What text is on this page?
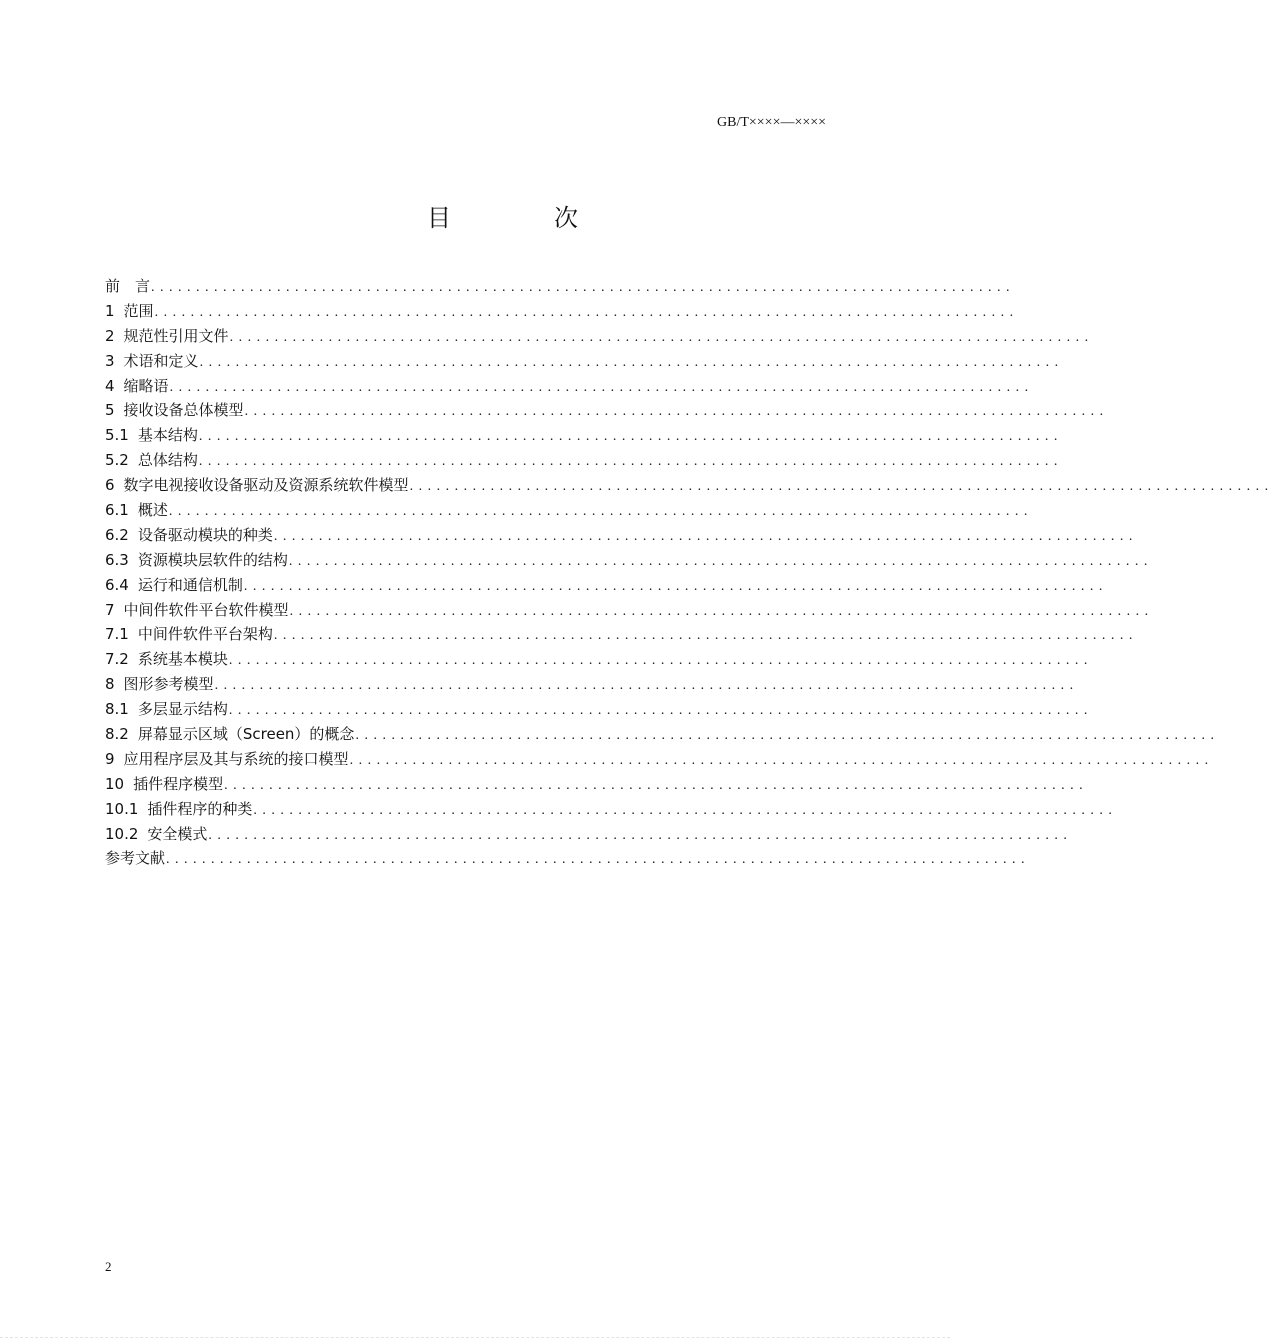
GB/T××××—××××
目	次
前　言 . . . . . . . . . . . . . . . . . . . . . . . . . . . . . . . . . . . . . . . . . . . . . . . . . . . . . . . . . . . . . . . . . . . . . . . . . . . . . . . . . . . . . . . . . . . . . . . .
1 范围 . . . . . . . . . . . . . . . . . . . . . . . . . . . . . . . . . . . . . . . . . . . . . . . . . . . . . . . . . . . . . . . . . . . . . . . . . . . . . . . . . . . . . . . . . . . . . . . .
2 规范性引用文件 . . . . . . . . . . . . . . . . . . . . . . . . . . . . . . . . . . . . . . . . . . . . . . . . . . . . . . . . . . . . . . . . . . . . . . . . . . . . . . . . . . . . . . . . . . . . . . . .
3 术语和定义 . . . . . . . . . . . . . . . . . . . . . . . . . . . . . . . . . . . . . . . . . . . . . . . . . . . . . . . . . . . . . . . . . . . . . . . . . . . . . . . . . . . . . . . . . . . . . . . .
4 缩略语 . . . . . . . . . . . . . . . . . . . . . . . . . . . . . . . . . . . . . . . . . . . . . . . . . . . . . . . . . . . . . . . . . . . . . . . . . . . . . . . . . . . . . . . . . . . . . . . .
5 接收设备总体模型 . . . . . . . . . . . . . . . . . . . . . . . . . . . . . . . . . . . . . . . . . . . . . . . . . . . . . . . . . . . . . . . . . . . . . . . . . . . . . . . . . . . . . . . . . . . . . . . .
5.1 基本结构 . . . . . . . . . . . . . . . . . . . . . . . . . . . . . . . . . . . . . . . . . . . . . . . . . . . . . . . . . . . . . . . . . . . . . . . . . . . . . . . . . . . . . . . . . . . . . . . .
5.2 总体结构 . . . . . . . . . . . . . . . . . . . . . . . . . . . . . . . . . . . . . . . . . . . . . . . . . . . . . . . . . . . . . . . . . . . . . . . . . . . . . . . . . . . . . . . . . . . . . . . .
6 数字电视接收设备驱动及资源系统软件模型 . . . . . . . . . . . . . . . . . . . . . . . . . . . . . . . . . . . . . . . . . . . . . . . . . . . . . . . . . . . . . . . . . . . . . . . . . . . . . . . . . . . . . . . . . . . . . . . .
6.1 概述 . . . . . . . . . . . . . . . . . . . . . . . . . . . . . . . . . . . . . . . . . . . . . . . . . . . . . . . . . . . . . . . . . . . . . . . . . . . . . . . . . . . . . . . . . . . . . . . .
6.2 设备驱动模块的种类 . . . . . . . . . . . . . . . . . . . . . . . . . . . . . . . . . . . . . . . . . . . . . . . . . . . . . . . . . . . . . . . . . . . . . . . . . . . . . . . . . . . . . . . . . . . . . . . .
6.3 资源模块层软件的结构 . . . . . . . . . . . . . . . . . . . . . . . . . . . . . . . . . . . . . . . . . . . . . . . . . . . . . . . . . . . . . . . . . . . . . . . . . . . . . . . . . . . . . . . . . . . . . . . .
6.4 运行和通信机制 . . . . . . . . . . . . . . . . . . . . . . . . . . . . . . . . . . . . . . . . . . . . . . . . . . . . . . . . . . . . . . . . . . . . . . . . . . . . . . . . . . . . . . . . . . . . . . . .
7 中间件软件平台软件模型 . . . . . . . . . . . . . . . . . . . . . . . . . . . . . . . . . . . . . . . . . . . . . . . . . . . . . . . . . . . . . . . . . . . . . . . . . . . . . . . . . . . . . . . . . . . . . . . .
7.1 中间件软件平台架构 . . . . . . . . . . . . . . . . . . . . . . . . . . . . . . . . . . . . . . . . . . . . . . . . . . . . . . . . . . . . . . . . . . . . . . . . . . . . . . . . . . . . . . . . . . . . . . . .
7.2 系统基本模块 . . . . . . . . . . . . . . . . . . . . . . . . . . . . . . . . . . . . . . . . . . . . . . . . . . . . . . . . . . . . . . . . . . . . . . . . . . . . . . . . . . . . . . . . . . . . . . . .
8 图形参考模型 . . . . . . . . . . . . . . . . . . . . . . . . . . . . . . . . . . . . . . . . . . . . . . . . . . . . . . . . . . . . . . . . . . . . . . . . . . . . . . . . . . . . . . . . . . . . . . . .
8.1 多层显示结构 . . . . . . . . . . . . . . . . . . . . . . . . . . . . . . . . . . . . . . . . . . . . . . . . . . . . . . . . . . . . . . . . . . . . . . . . . . . . . . . . . . . . . . . . . . . . . . . .
8.2 屏幕显示区域（Screen）的概念 . . . . . . . . . . . . . . . . . . . . . . . . . . . . . . . . . . . . . . . . . . . . . . . . . . . . . . . . . . . . . . . . . . . . . . . . . . . . . . . . . . . . . . . . . . . . . . . .
9 应用程序层及其与系统的接口模型 . . . . . . . . . . . . . . . . . . . . . . . . . . . . . . . . . . . . . . . . . . . . . . . . . . . . . . . . . . . . . . . . . . . . . . . . . . . . . . . . . . . . . . . . . . . . . . . .
10 插件程序模型 . . . . . . . . . . . . . . . . . . . . . . . . . . . . . . . . . . . . . . . . . . . . . . . . . . . . . . . . . . . . . . . . . . . . . . . . . . . . . . . . . . . . . . . . . . . . . . . .
10.1 插件程序的种类 . . . . . . . . . . . . . . . . . . . . . . . . . . . . . . . . . . . . . . . . . . . . . . . . . . . . . . . . . . . . . . . . . . . . . . . . . . . . . . . . . . . . . . . . . . . . . . . .
10.2 安全模式 . . . . . . . . . . . . . . . . . . . . . . . . . . . . . . . . . . . . . . . . . . . . . . . . . . . . . . . . . . . . . . . . . . . . . . . . . . . . . . . . . . . . . . . . . . . . . . . .
参考文献 . . . . . . . . . . . . . . . . . . . . . . . . . . . . . . . . . . . . . . . . . . . . . . . . . . . . . . . . . . . . . . . . . . . . . . . . . . . . . . . . . . . . . . . . . . . . . . . .
2
